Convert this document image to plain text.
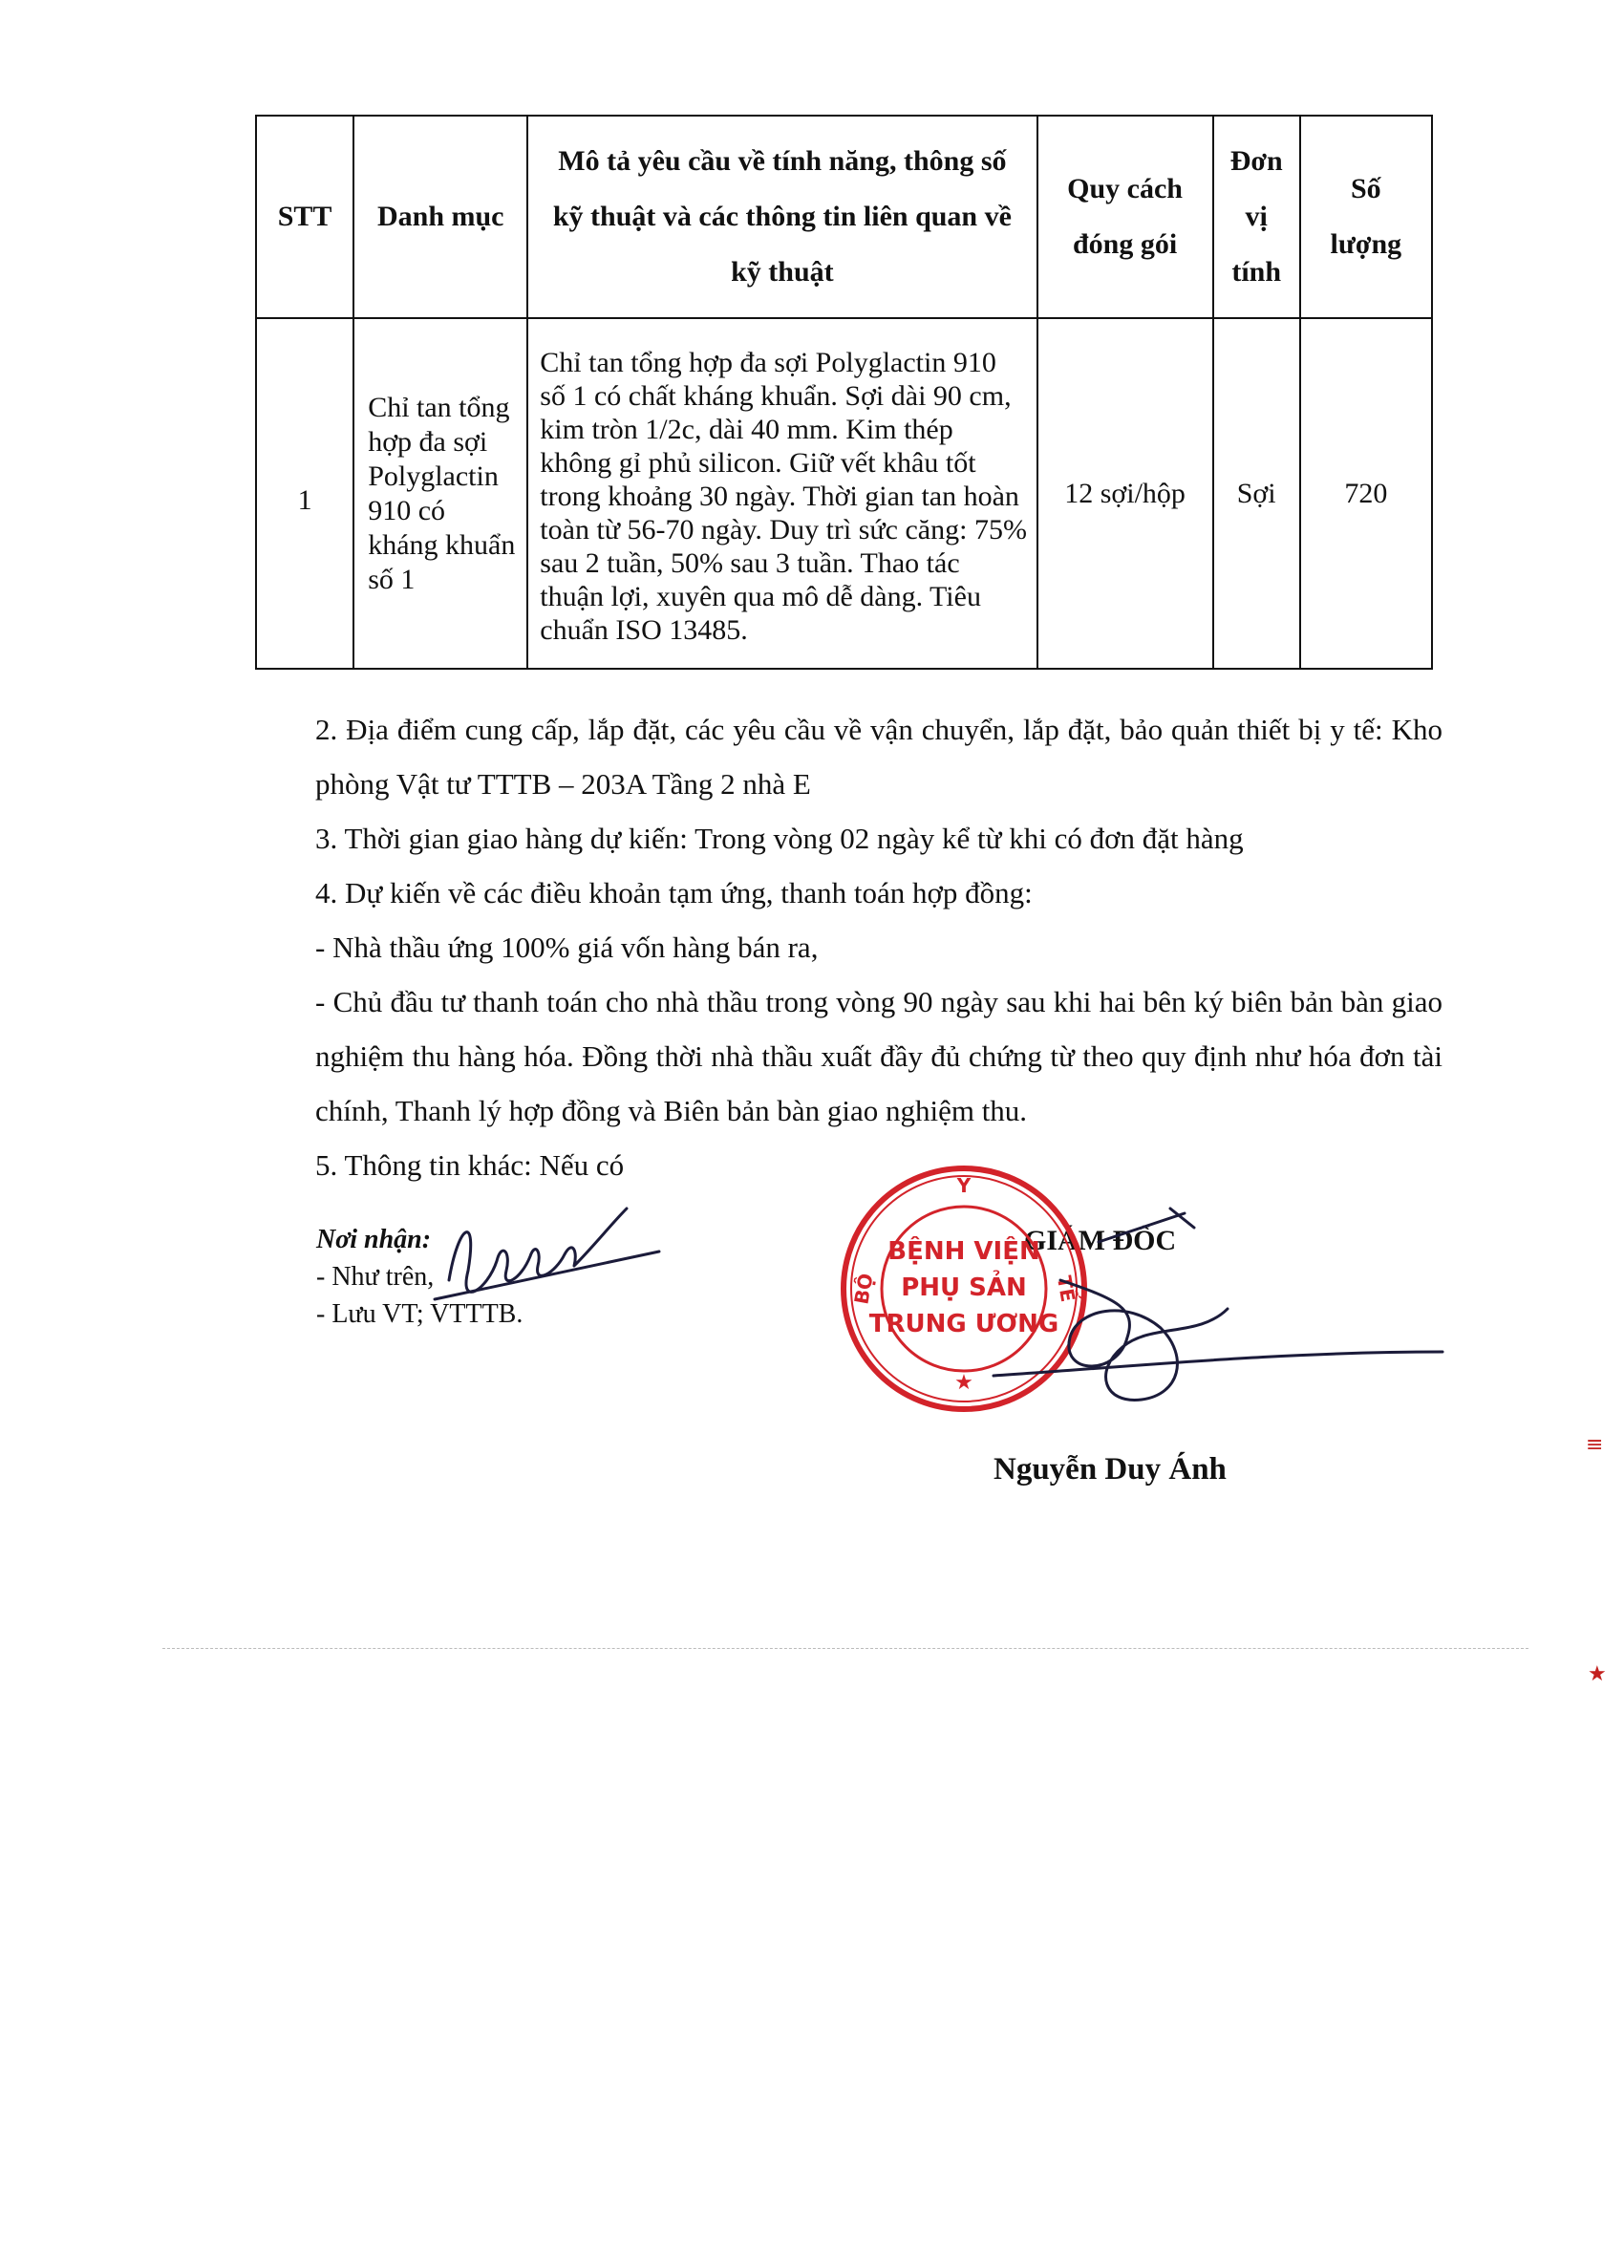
STT	Danh mục	Mô tả yêu cầu về tính năng, thông số kỹ thuật và các thông tin liên quan về kỹ thuật	Quy cách đóng gói	Đơn vị tính	Số lượng
1	Chỉ tan tổng hợp đa sợi Polyglactin 910 có kháng khuẩn số 1	Chỉ tan tổng hợp đa sợi Polyglactin 910 số 1 có chất kháng khuẩn. Sợi dài 90 cm, kim tròn 1/2c, dài 40 mm. Kim thép không gỉ phủ silicon. Giữ vết khâu tốt trong khoảng 30 ngày. Thời gian tan hoàn toàn từ 56-70 ngày. Duy trì sức căng: 75% sau 2 tuần, 50% sau 3 tuần. Thao tác thuận lợi, xuyên qua mô dễ dàng. Tiêu chuẩn ISO 13485.	12 sợi/hộp	Sợi	720
2. Địa điểm cung cấp, lắp đặt, các yêu cầu về vận chuyển, lắp đặt, bảo quản thiết bị y tế: Kho phòng Vật tư TTTB – 203A Tầng 2 nhà E
3. Thời gian giao hàng dự kiến: Trong vòng 02 ngày kể từ khi có đơn đặt hàng
4. Dự kiến về các điều khoản tạm ứng, thanh toán hợp đồng:
- Nhà thầu ứng 100% giá vốn hàng bán ra,
- Chủ đầu tư thanh toán cho nhà thầu trong vòng 90 ngày sau khi hai bên ký biên bản bàn giao nghiệm thu hàng hóa. Đồng thời nhà thầu xuất đầy đủ chứng từ theo quy định như hóa đơn tài chính, Thanh lý hợp đồng và Biên bản bàn giao nghiệm thu.
5. Thông tin khác: Nếu có
Nơi nhận:
- Như trên,
- Lưu VT; VTTTB.
GIÁM ĐỐC
Nguyễn Duy Ánh
Y
BỘ	TẾ
BỆNH VIỆN
PHỤ SẢN
TRUNG ƯƠNG
★
≡
★
